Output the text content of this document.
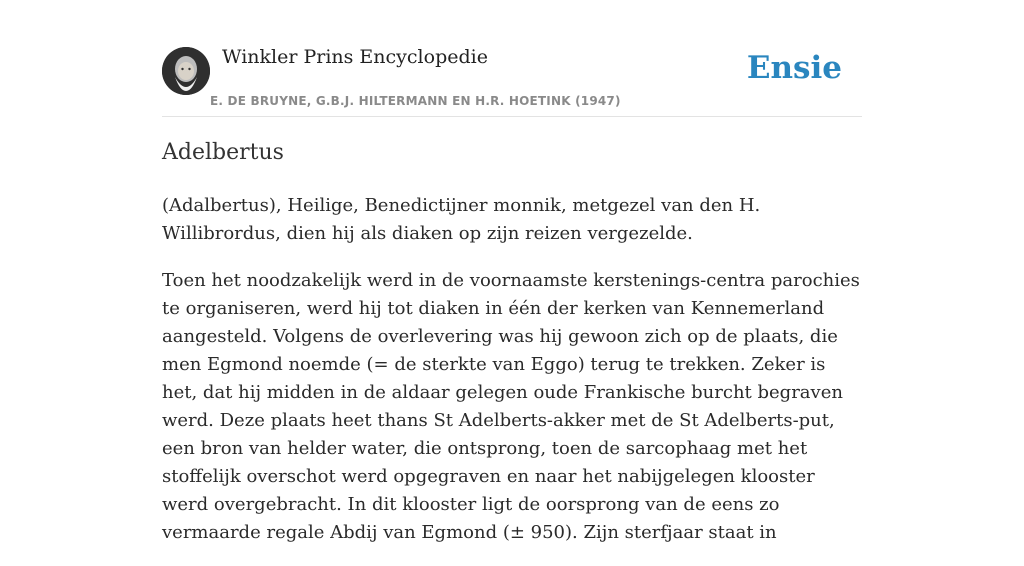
Winkler Prins Encyclopedie
E. DE BRUYNE, G.B.J. HILTERMANN EN H.R. HOETINK (1947)
Ensie
Adelbertus

(Adalbertus), Heilige, Benedictijner monnik, metgezel van den H. Willibrordus, dien hij als diaken op zijn reizen vergezelde.

Toen het noodzakelijk werd in de voornaamste kerstenings-centra parochies te organiseren, werd hij tot diaken in één der kerken van Kennemerland aangesteld. Volgens de overlevering was hij gewoon zich op de plaats, die men Egmond noemde (= de sterkte van Eggo) terug te trekken. Zeker is het, dat hij midden in de aldaar gelegen oude Frankische burcht begraven werd. Deze plaats heet thans St Adelberts-akker met de St Adelberts-put, een bron van helder water, die ontsprong, toen de sarcophaag met het stoffelijk overschot werd opgegraven en naar het nabijgelegen klooster werd overgebracht. In dit klooster ligt de oorsprong van de eens zo vermaarde regale Abdij van Egmond (± 950). Zijn sterfjaar staat in
